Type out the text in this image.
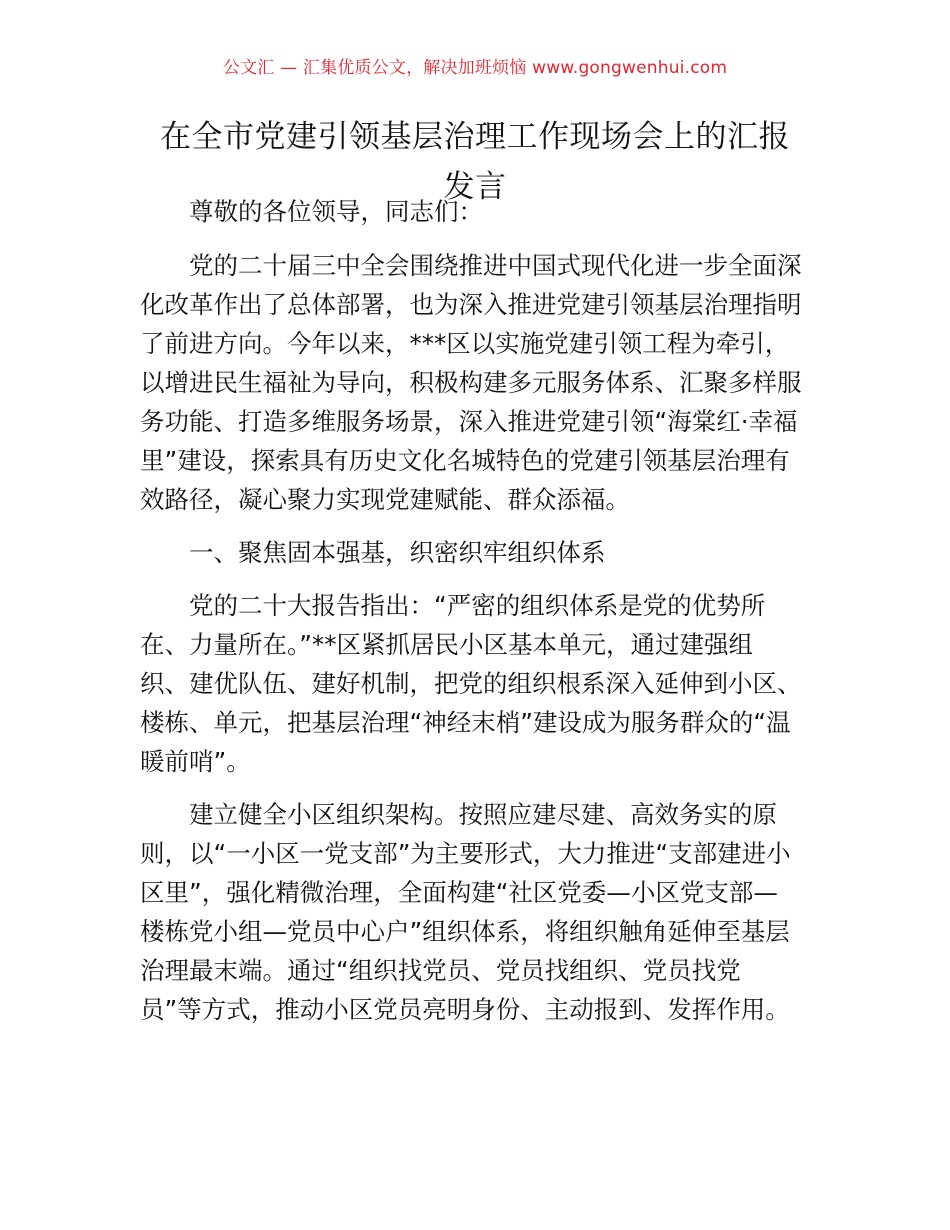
公文汇 — 汇集优质公文，解决加班烦恼 www.gongwenhui.com
在全市党建引领基层治理工作现场会上的汇报
发言

尊敬的各位领导，同志们：

党的二十届三中全会围绕推进中国式现代化进一步全面深
化改革作出了总体部署，也为深入推进党建引领基层治理指明
了前进方向。今年以来，***区以实施党建引领工程为牵引，
以增进民生福祉为导向，积极构建多元服务体系、汇聚多样服
务功能、打造多维服务场景，深入推进党建引领“海棠红·幸福
里”建设，探索具有历史文化名城特色的党建引领基层治理有
效路径，凝心聚力实现党建赋能、群众添福。

一、聚焦固本强基，织密织牢组织体系

党的二十大报告指出：“严密的组织体系是党的优势所
在、力量所在。”**区紧抓居民小区基本单元，通过建强组
织、建优队伍、建好机制，把党的组织根系深入延伸到小区、
楼栋、单元，把基层治理“神经末梢”建设成为服务群众的“温
暖前哨”。

建立健全小区组织架构。按照应建尽建、高效务实的原
则，以“一小区一党支部”为主要形式，大力推进“支部建进小
区里”，强化精微治理，全面构建“社区党委—小区党支部—
楼栋党小组—党员中心户”组织体系，将组织触角延伸至基层
治理最末端。通过“组织找党员、党员找组织、党员找党
员”等方式，推动小区党员亮明身份、主动报到、发挥作用。
